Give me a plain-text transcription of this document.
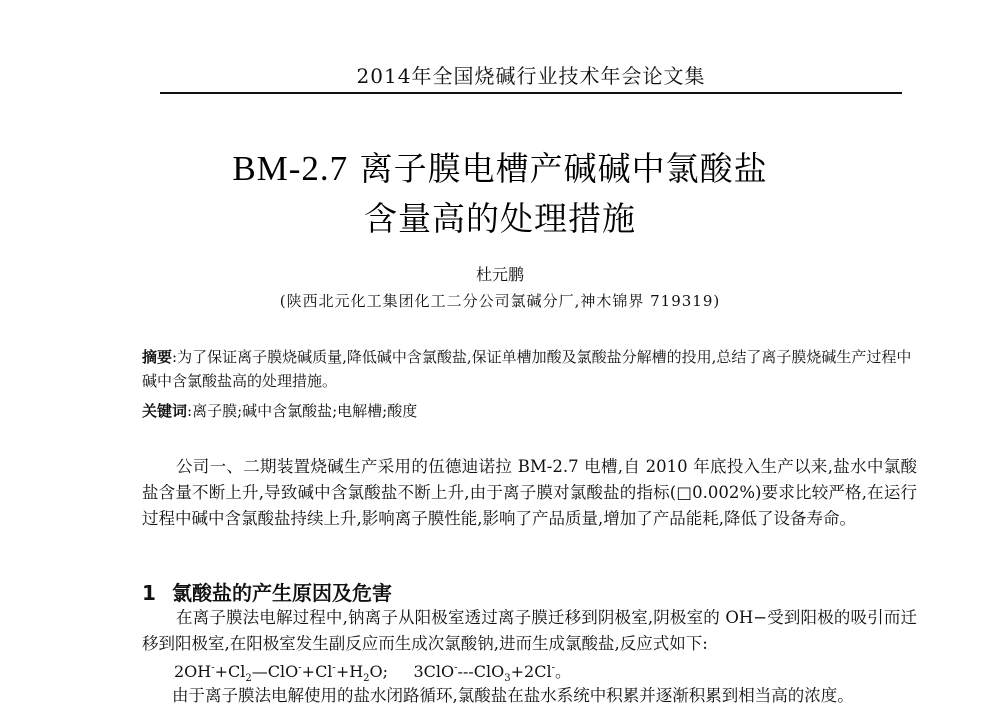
2014年全国烧碱行业技术年会论文集
BM-2.7 离子膜电槽产碱碱中氯酸盐
含量高的处理措施
杜元鹏
(陕西北元化工集团化工二分公司氯碱分厂,神木锦界 719319)
摘要:为了保证离子膜烧碱质量,降低碱中含氯酸盐,保证单槽加酸及氯酸盐分解槽的投用,总结了离子膜烧碱生产过程中碱中含氯酸盐高的处理措施。
关键词:离子膜;碱中含氯酸盐;电解槽;酸度
公司一、二期装置烧碱生产采用的伍德迪诺拉 BM-2.7 电槽,自 2010 年底投入生产以来,盐水中氯酸盐含量不断上升,导致碱中含氯酸盐不断上升,由于离子膜对氯酸盐的指标(□0.002%)要求比较严格,在运行过程中碱中含氯酸盐持续上升,影响离子膜性能,影响了产品质量,增加了产品能耗,降低了设备寿命。
1 氯酸盐的产生原因及危害
在离子膜法电解过程中,钠离子从阳极室透过离子膜迁移到阴极室,阴极室的 OH−受到阳极的吸引而迁移到阳极室,在阳极室发生副反应而生成次氯酸钠,进而生成氯酸盐,反应式如下:
$2OH^-+Cl_2—ClO^-+Cl^-+H_2O$; 3ClO----ClO$_3$+2Cl-。
由于离子膜法电解使用的盐水闭路循环,氯酸盐在盐水系统中积累并逐渐积累到相当高的浓度。
